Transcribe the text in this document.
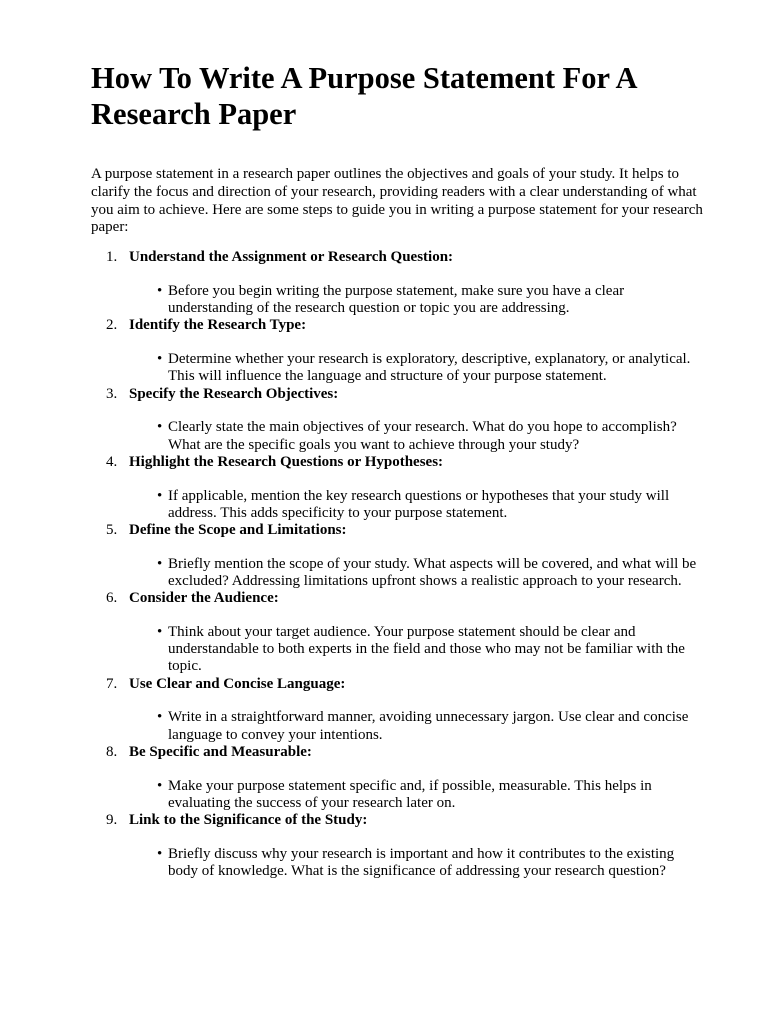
How To Write A Purpose Statement For A Research Paper

A purpose statement in a research paper outlines the objectives and goals of your study. It helps to clarify the focus and direction of your research, providing readers with a clear understanding of what you aim to achieve. Here are some steps to guide you in writing a purpose statement for your research paper:

1. Understand the Assignment or Research Question:
• Before you begin writing the purpose statement, make sure you have a clear understanding of the research question or topic you are addressing.
2. Identify the Research Type:
• Determine whether your research is exploratory, descriptive, explanatory, or analytical. This will influence the language and structure of your purpose statement.
3. Specify the Research Objectives:
• Clearly state the main objectives of your research. What do you hope to accomplish? What are the specific goals you want to achieve through your study?
4. Highlight the Research Questions or Hypotheses:
• If applicable, mention the key research questions or hypotheses that your study will address. This adds specificity to your purpose statement.
5. Define the Scope and Limitations:
• Briefly mention the scope of your study. What aspects will be covered, and what will be excluded? Addressing limitations upfront shows a realistic approach to your research.
6. Consider the Audience:
• Think about your target audience. Your purpose statement should be clear and understandable to both experts in the field and those who may not be familiar with the topic.
7. Use Clear and Concise Language:
• Write in a straightforward manner, avoiding unnecessary jargon. Use clear and concise language to convey your intentions.
8. Be Specific and Measurable:
• Make your purpose statement specific and, if possible, measurable. This helps in evaluating the success of your research later on.
9. Link to the Significance of the Study:
• Briefly discuss why your research is important and how it contributes to the existing body of knowledge. What is the significance of addressing your research question?
